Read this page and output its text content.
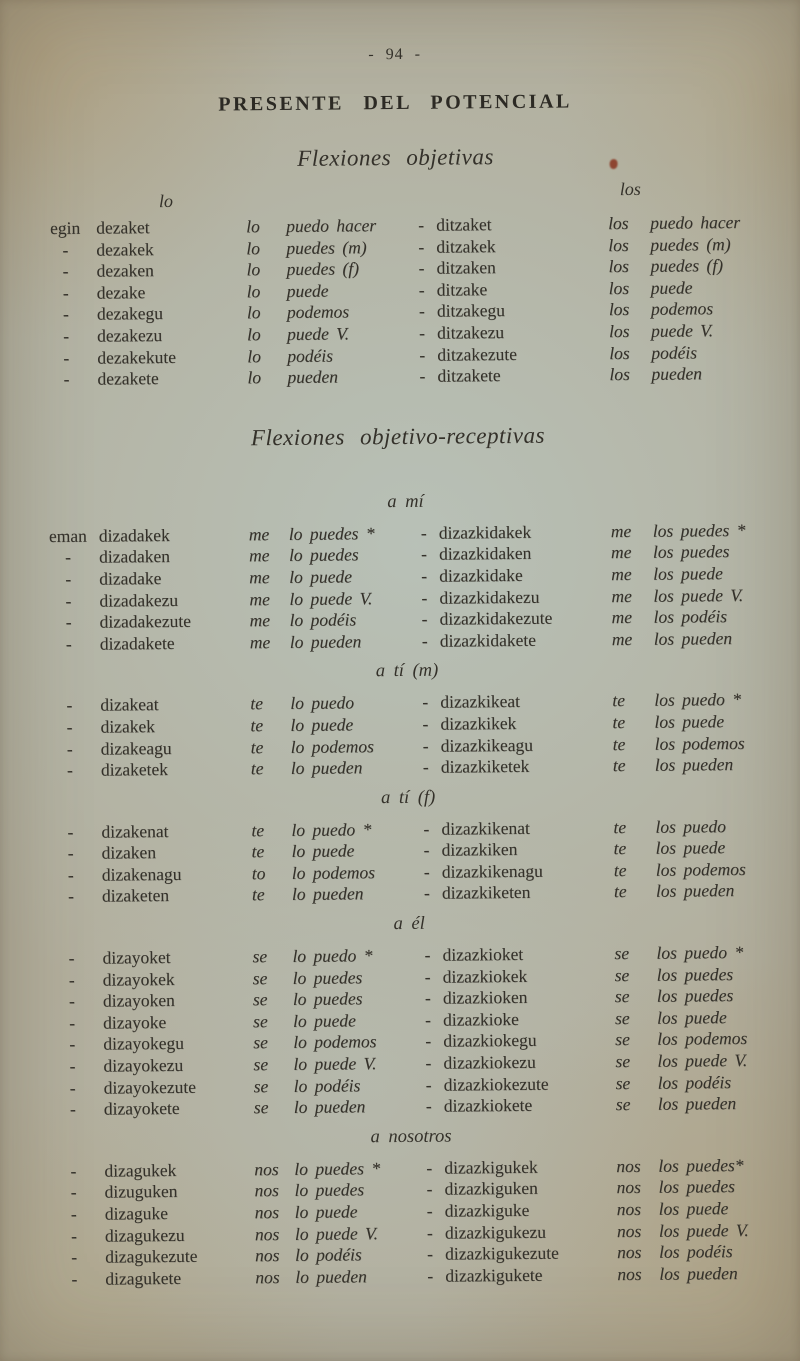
- 94 -
PRESENTE DEL POTENCIAL
Flexiones objetivas
lo
los
egin dezaket	lo	puedo hacer	- ditzaket	los	puedo hacer
-	dezakek	lo	puedes (m)	- ditzakek	los	puedes (m)
-	dezaken	lo	puedes (f)	- ditzaken	los	puedes (f)
-	dezake	lo	puede	- ditzake	los	puede
-	dezakegu	lo	podemos	- ditzakegu	los	podemos
-	dezakezu	lo	puede V.	- ditzakezu	los	puede V.
-	dezakekute	lo	podéis	- ditzakezute	los	podéis
-	dezakete	lo	pueden	- ditzakete	los	pueden
Flexiones objetivo-receptivas
a mí
eman dizadakek	me	lo puedes *	- dizazkidakek	me	los puedes *
-	dizadaken	me	lo puedes	- dizazkidaken	me	los puedes
-	dizadake	me	lo puede	- dizazkidake	me	los puede
-	dizadakezu	me	lo puede V.	- dizazkidakezu	me	los puede V.
-	dizadakezute	me	lo podéis	- dizazkidakezute	me	los podéis
-	dizadakete	me	lo pueden	- dizazkidakete	me	los pueden
a tí (m)
-	dizakeat	te	lo puedo	- dizazkikeat	te	los puedo *
-	dizakek	te	lo puede	- dizazkikek	te	los puede
-	dizakeagu	te	lo podemos	- dizazkikeagu	te	los podemos
-	dizaketek	te	lo pueden	- dizazkiketek	te	los pueden
a tí (f)
-	dizakenat	te	lo puedo *	- dizazkikenat	te	los puedo
-	dizaken	te	lo puede	- dizazkiken	te	los puede
-	dizakenagu	to	lo podemos	- dizazkikenagu	te	los podemos
-	dizaketen	te	lo pueden	- dizazkiketen	te	los pueden
a él
-	dizayoket	se	lo puedo *	- dizazkioket	se	los puedo *
-	dizayokek	se	lo puedes	- dizazkiokek	se	los puedes
-	dizayoken	se	lo puedes	- dizazkioken	se	los puedes
-	dizayoke	se	lo puede	- dizazkioke	se	los puede
-	dizayokegu	se	lo podemos	- dizazkiokegu	se	los podemos
-	dizayokezu	se	lo puede V.	- dizazkiokezu	se	los puede V.
-	dizayokezute	se	lo podéis	- dizazkiokezute	se	los podéis
-	dizayokete	se	lo pueden	- dizazkiokete	se	los pueden
a nosotros
-	dizagukek	nos lo puedes *	- dizazkigukek	nos	los puedes*
-	dizuguken	nos lo puedes	- dizazkiguken	nos	los puedes
-	dizaguke	nos lo puede	- dizazkiguke	nos	los puede
-	dizagukezu	nos lo puede V.	- dizazkigukezu	nos	los puede V.
-	dizagukezute	nos lo podéis	- dizazkigukezute	nos	los podéis
-	dizagukete	nos lo pueden	- dizazkigukete	nos	los pueden
